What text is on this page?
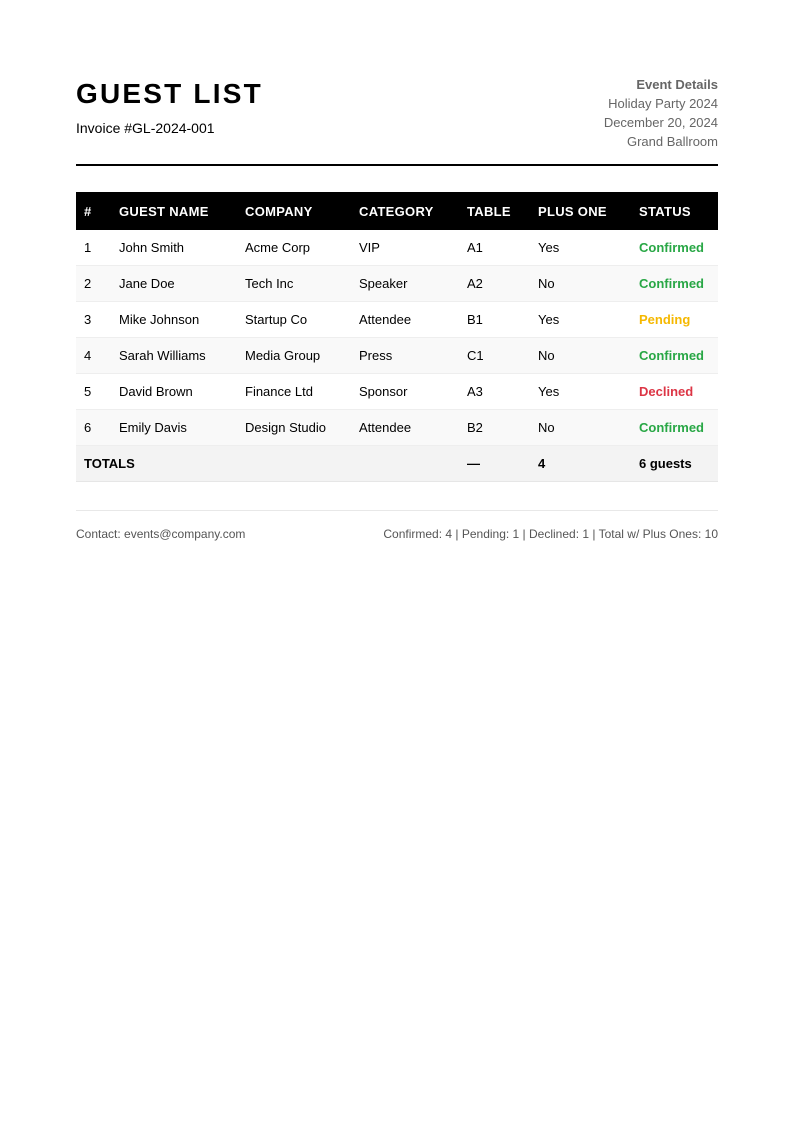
GUEST LIST
Invoice #GL-2024-001
Event Details
Holiday Party 2024
December 20, 2024
Grand Ballroom
#	GUEST NAME	COMPANY	CATEGORY	TABLE	PLUS ONE	STATUS
1	John Smith	Acme Corp	VIP	A1	Yes	Confirmed
2	Jane Doe	Tech Inc	Speaker	A2	No	Confirmed
3	Mike Johnson	Startup Co	Attendee	B1	Yes	Pending
4	Sarah Williams	Media Group	Press	C1	No	Confirmed
5	David Brown	Finance Ltd	Sponsor	A3	Yes	Declined
6	Emily Davis	Design Studio	Attendee	B2	No	Confirmed
TOTALS				—	4	6 guests
Contact: events@company.com	Confirmed: 4 | Pending: 1 | Declined: 1 | Total w/ Plus Ones: 10
